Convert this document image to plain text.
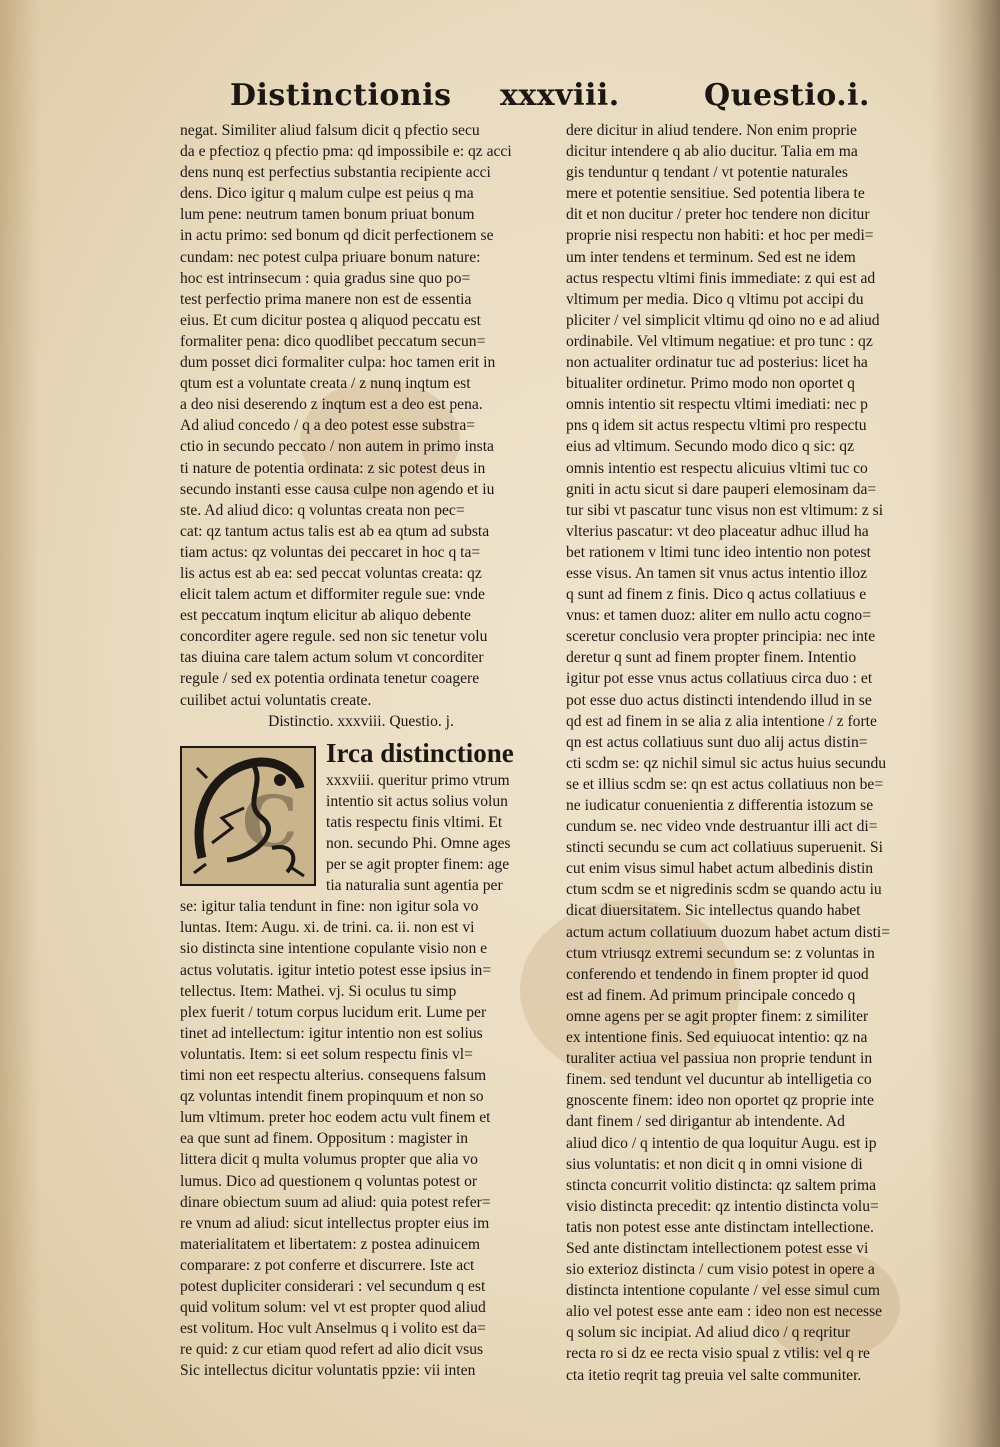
Distinctionis xxxviii.	Questio.i.
negat. Similiter aliud falsum dicit q pfectio secu
da e pfectioz q pfectio pma: qd impossibile e: qz acci
dens nunq est perfectius substantia recipiente acci
dens. Dico igitur q malum culpe est peius q ma
lum pene: neutrum tamen bonum priuat bonum
in actu primo: sed bonum qd dicit perfectionem se
cundam: nec potest culpa priuare bonum nature:
hoc est intrinsecum : quia gradus sine quo po=
test perfectio prima manere non est de essentia
eius. Et cum dicitur postea q aliquod peccatu est
formaliter pena: dico quodlibet peccatum secun=
dum posset dici formaliter culpa: hoc tamen erit in
qtum est a voluntate creata / z nunq inqtum est
a deo nisi deserendo z inqtum est a deo est pena.
Ad aliud concedo / q a deo potest esse substra=
ctio in secundo peccato / non autem in primo insta
ti nature de potentia ordinata: z sic potest deus in
secundo instanti esse causa culpe non agendo et iu
ste. Ad aliud dico: q voluntas creata non pec=
cat: qz tantum actus talis est ab ea qtum ad substa
tiam actus: qz voluntas dei peccaret in hoc q ta=
lis actus est ab ea: sed peccat voluntas creata: qz
elicit talem actum et difformiter regule sue: vnde
est peccatum inqtum elicitur ab aliquo debente
concorditer agere regule. sed non sic tenetur volu
tas diuina care talem actum solum vt concorditer
regule / sed ex potentia ordinata tenetur coagere
cuilibet actui voluntatis create.
Distinctio. xxxviii. Questio. j.
C
Irca distinctione
xxxviii. queritur primo vtrum
intentio sit actus solius volun
tatis respectu finis vltimi. Et
non. secundo Phi. Omne ages
per se agit propter finem: age
tia naturalia sunt agentia per
se: igitur talia tendunt in fine: non igitur sola vo
luntas. Item: Augu. xi. de trini. ca. ii. non est vi
sio distincta sine intentione copulante visio non e
actus volutatis. igitur intetio potest esse ipsius in=
tellectus. Item: Mathei. vj. Si oculus tu simp
plex fuerit / totum corpus lucidum erit. Lume per
tinet ad intellectum: igitur intentio non est solius
voluntatis. Item: si eet solum respectu finis vl=
timi non eet respectu alterius. consequens falsum
qz voluntas intendit finem propinquum et non so
lum vltimum. preter hoc eodem actu vult finem et
ea que sunt ad finem. Oppositum : magister in
littera dicit q multa volumus propter que alia vo
lumus. Dico ad questionem q voluntas potest or
dinare obiectum suum ad aliud: quia potest refer=
re vnum ad aliud: sicut intellectus propter eius im
materialitatem et libertatem: z postea adinuicem
comparare: z pot conferre et discurrere. Iste act
potest dupliciter considerari : vel secundum q est
quid volitum solum: vel vt est propter quod aliud
est volitum. Hoc vult Anselmus q i volito est da=
re quid: z cur etiam quod refert ad alio dicit vsus
Sic intellectus dicitur voluntatis ppzie: vii inten
dere dicitur in aliud tendere. Non enim proprie
dicitur intendere q ab alio ducitur. Talia em ma
gis tenduntur q tendant / vt potentie naturales
mere et potentie sensitiue. Sed potentia libera te
dit et non ducitur / preter hoc tendere non dicitur
proprie nisi respectu non habiti: et hoc per medi=
um inter tendens et terminum. Sed est ne idem
actus respectu vltimi finis immediate: z qui est ad
vltimum per media. Dico q vltimu pot accipi du
pliciter / vel simplicit vltimu qd oino no e ad aliud
ordinabile. Vel vltimum negatiue: et pro tunc : qz
non actualiter ordinatur tuc ad posterius: licet ha
bitualiter ordinetur. Primo modo non oportet q
omnis intentio sit respectu vltimi imediati: nec p
pns q idem sit actus respectu vltimi pro respectu
eius ad vltimum. Secundo modo dico q sic: qz
omnis intentio est respectu alicuius vltimi tuc co
gniti in actu sicut si dare pauperi elemosinam da=
tur sibi vt pascatur tunc visus non est vltimum: z si
vlterius pascatur: vt deo placeatur adhuc illud ha
bet rationem v ltimi tunc ideo intentio non potest
esse visus. An tamen sit vnus actus intentio illoz
q sunt ad finem z finis. Dico q actus collatiuus e
vnus: et tamen duoz: aliter em nullo actu cogno=
sceretur conclusio vera propter principia: nec inte
deretur q sunt ad finem propter finem. Intentio
igitur pot esse vnus actus collatiuus circa duo : et
pot esse duo actus distincti intendendo illud in se
qd est ad finem in se alia z alia intentione / z forte
qn est actus collatiuus sunt duo alij actus distin=
cti scdm se: qz nichil simul sic actus huius secundu
se et illius scdm se: qn est actus collatiuus non be=
ne iudicatur conuenientia z differentia istozum se
cundum se. nec video vnde destruantur illi act di=
stincti secundu se cum act collatiuus superuenit. Si
cut enim visus simul habet actum albedinis distin
ctum scdm se et nigredinis scdm se quando actu iu
dicat diuersitatem. Sic intellectus quando habet
actum actum collatiuum duozum habet actum disti=
ctum vtriusqz extremi secundum se: z voluntas in
conferendo et tendendo in finem propter id quod
est ad finem. Ad primum principale concedo q
omne agens per se agit propter finem: z similiter
ex intentione finis. Sed equiuocat intentio: qz na
turaliter actiua vel passiua non proprie tendunt in
finem. sed tendunt vel ducuntur ab intelligetia co
gnoscente finem: ideo non oportet qz proprie inte
dant finem / sed dirigantur ab intendente. Ad
aliud dico / q intentio de qua loquitur Augu. est ip
sius voluntatis: et non dicit q in omni visione di
stincta concurrit volitio distincta: qz saltem prima
visio distincta precedit: qz intentio distincta volu=
tatis non potest esse ante distinctam intellectione.
Sed ante distinctam intellectionem potest esse vi
sio exterioz distincta / cum visio potest in opere a
distincta intentione copulante / vel esse simul cum
alio vel potest esse ante eam : ideo non est necesse
q solum sic incipiat. Ad aliud dico / q reqritur
recta ro si dz ee recta visio spual z vtilis: vel q re
cta itetio reqrit tag preuia vel salte communiter.
